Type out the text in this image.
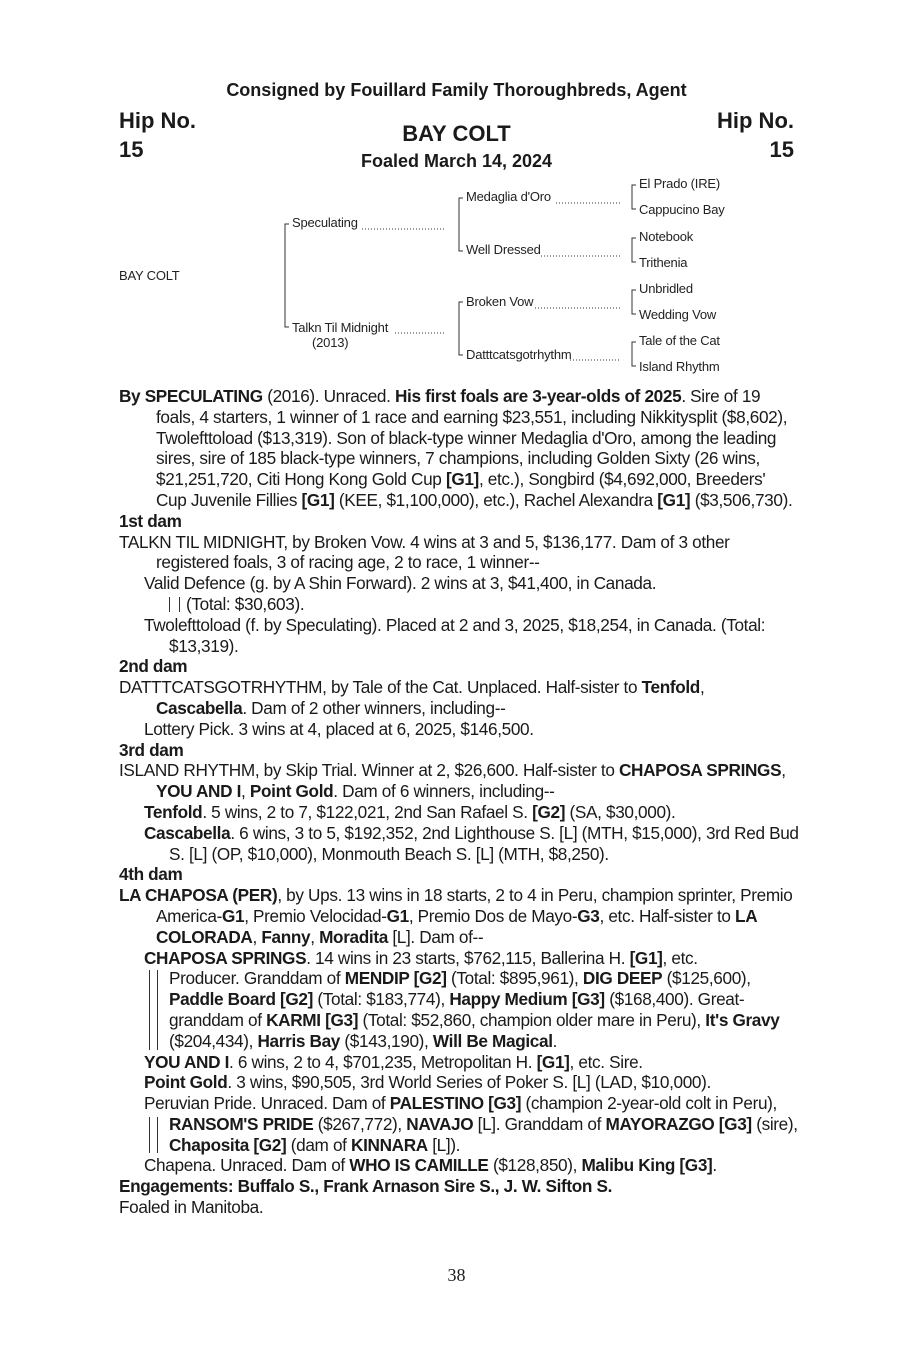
Consigned by Fouillard Family Thoroughbreds, Agent
Hip No.
15
Hip No.
15
BAY COLT
Foaled March 14, 2024
BAY COLT
Speculating
Talkn Til Midnight
(2013)
Medaglia d'Oro
Well Dressed
Broken Vow
Datttcatsgotrhythm
El Prado (IRE)
Cappucino Bay
Notebook
Trithenia
Unbridled
Wedding Vow
Tale of the Cat
Island Rhythm

By SPECULATING (2016). Unraced. His first foals are 3-year-olds of 2025. Sire of 19 foals, 4 starters, 1 winner of 1 race and earning $23,551, including Nikkitysplit ($8,602), Twolefttoload ($13,319). Son of black-type winner Medaglia d'Oro, among the leading sires, sire of 185 black-type winners, 7 champions, including Golden Sixty (26 wins, $21,251,720, Citi Hong Kong Gold Cup [G1], etc.), Songbird ($4,692,000, Breeders' Cup Juvenile Fillies [G1] (KEE, $1,100,000), etc.), Rachel Alexandra [G1] ($3,506,730).

1st dam

TALKN TIL MIDNIGHT, by Broken Vow. 4 wins at 3 and 5, $136,177. Dam of 3 other registered foals, 3 of racing age, 2 to race, 1 winner--

Valid Defence (g. by A Shin Forward). 2 wins at 3, $41,400, in Canada.

(Total: $30,603).

Twolefttoload (f. by Speculating). Placed at 2 and 3, 2025, $18,254, in Canada. (Total: $13,319).

2nd dam

DATTTCATSGOTRHYTHM, by Tale of the Cat. Unplaced. Half-sister to Tenfold, Cascabella. Dam of 2 other winners, including--

Lottery Pick. 3 wins at 4, placed at 6, 2025, $146,500.

3rd dam

ISLAND RHYTHM, by Skip Trial. Winner at 2, $26,600. Half-sister to CHAPOSA SPRINGS, YOU AND I, Point Gold. Dam of 6 winners, including--

Tenfold. 5 wins, 2 to 7, $122,021, 2nd San Rafael S. [G2] (SA, $30,000).

Cascabella. 6 wins, 3 to 5, $192,352, 2nd Lighthouse S. [L] (MTH, $15,000), 3rd Red Bud S. [L] (OP, $10,000), Monmouth Beach S. [L] (MTH, $8,250).

4th dam

LA CHAPOSA (PER), by Ups. 13 wins in 18 starts, 2 to 4 in Peru, champion sprinter, Premio America-G1, Premio Velocidad-G1, Premio Dos de Mayo-G3, etc. Half-sister to LA COLORADA, Fanny, Moradita [L]. Dam of--

CHAPOSA SPRINGS. 14 wins in 23 starts, $762,115, Ballerina H. [G1], etc.

Producer. Granddam of MENDIP [G2] (Total: $895,961), DIG DEEP ($125,600), Paddle Board [G2] (Total: $183,774), Happy Medium [G3] ($168,400). Great-granddam of KARMI [G3] (Total: $52,860, champion older mare in Peru), It's Gravy ($204,434), Harris Bay ($143,190), Will Be Magical.

YOU AND I. 6 wins, 2 to 4, $701,235, Metropolitan H. [G1], etc. Sire.

Point Gold. 3 wins, $90,505, 3rd World Series of Poker S. [L] (LAD, $10,000).

Peruvian Pride. Unraced. Dam of PALESTINO [G3] (champion 2-year-old colt in Peru), RANSOM'S PRIDE ($267,772), NAVAJO [L]. Granddam of MAYORAZGO [G3] (sire), Chaposita [G2] (dam of KINNARA [L]).

Chapena. Unraced. Dam of WHO IS CAMILLE ($128,850), Malibu King [G3].

Engagements: Buffalo S., Frank Arnason Sire S., J. W. Sifton S.

Foaled in Manitoba.

38
